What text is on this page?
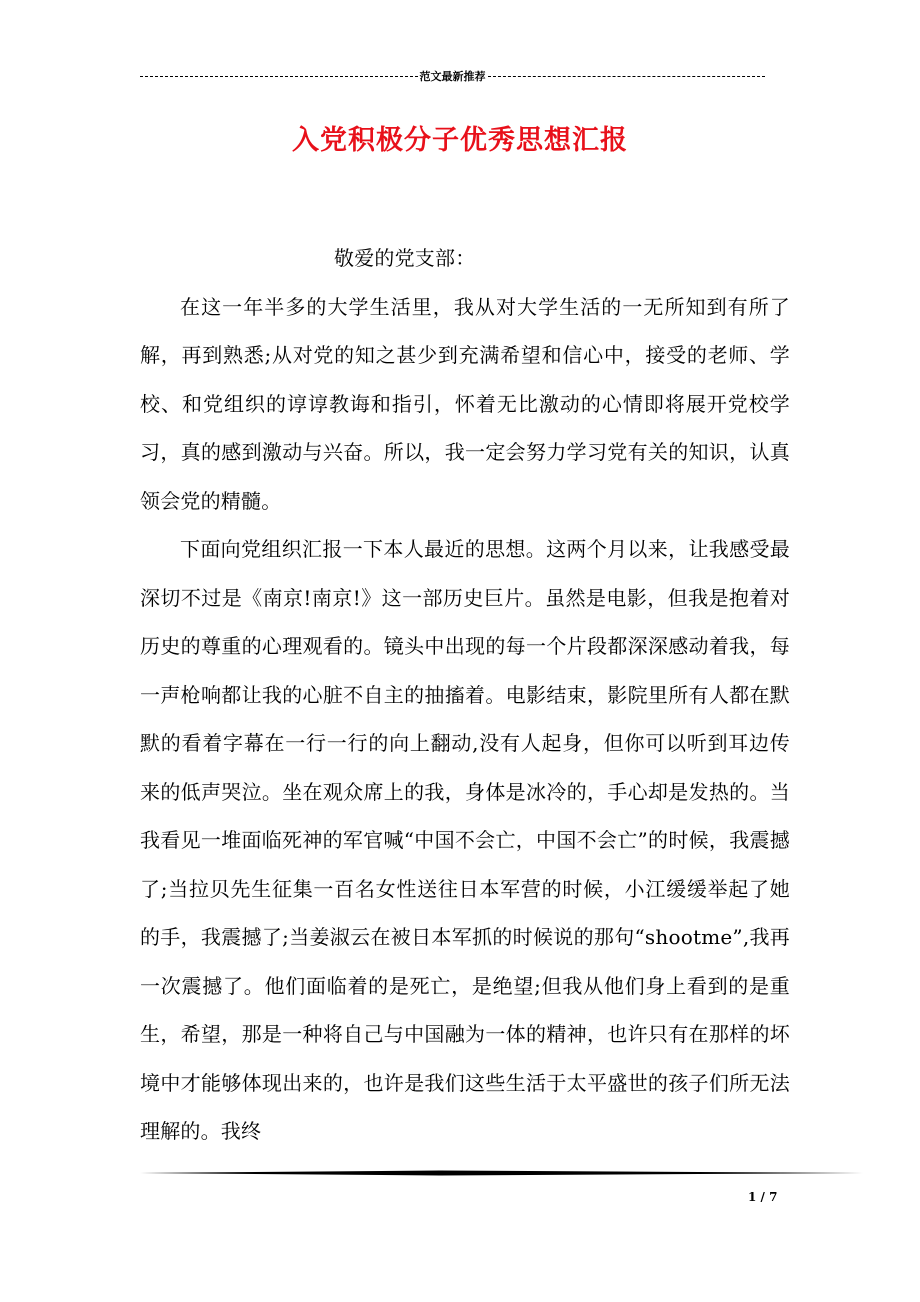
范文最新推荐
入党积极分子优秀思想汇报

敬爱的党支部：

在这一年半多的大学生活里，我从对大学生活的一无所知到有所了解，再到熟悉;从对党的知之甚少到充满希望和信心中，接受的老师、学校、和党组织的谆谆教诲和指引，怀着无比激动的心情即将展开党校学习，真的感到激动与兴奋。所以，我一定会努力学习党有关的知识，认真领会党的精髓。

下面向党组织汇报一下本人最近的思想。这两个月以来，让我感受最深切不过是《南京!南京!》这一部历史巨片。虽然是电影，但我是抱着对历史的尊重的心理观看的。镜头中出现的每一个片段都深深感动着我，每一声枪响都让我的心脏不自主的抽搐着。电影结束，影院里所有人都在默默的看着字幕在一行一行的向上翻动,没有人起身，但你可以听到耳边传来的低声哭泣。坐在观众席上的我，身体是冰冷的，手心却是发热的。当我看见一堆面临死神的军官喊“中国不会亡，中国不会亡”的时候，我震撼了;当拉贝先生征集一百名女性送往日本军营的时候，小江缓缓举起了她的手，我震撼了;当姜淑云在被日本军抓的时候说的那句“shootme”,我再一次震撼了。他们面临着的是死亡，是绝望;但我从他们身上看到的是重生，希望，那是一种将自己与中国融为一体的精神，也许只有在那样的坏境中才能够体现出来的，也许是我们这些生活于太平盛世的孩子们所无法理解的。我终

1 / 7
